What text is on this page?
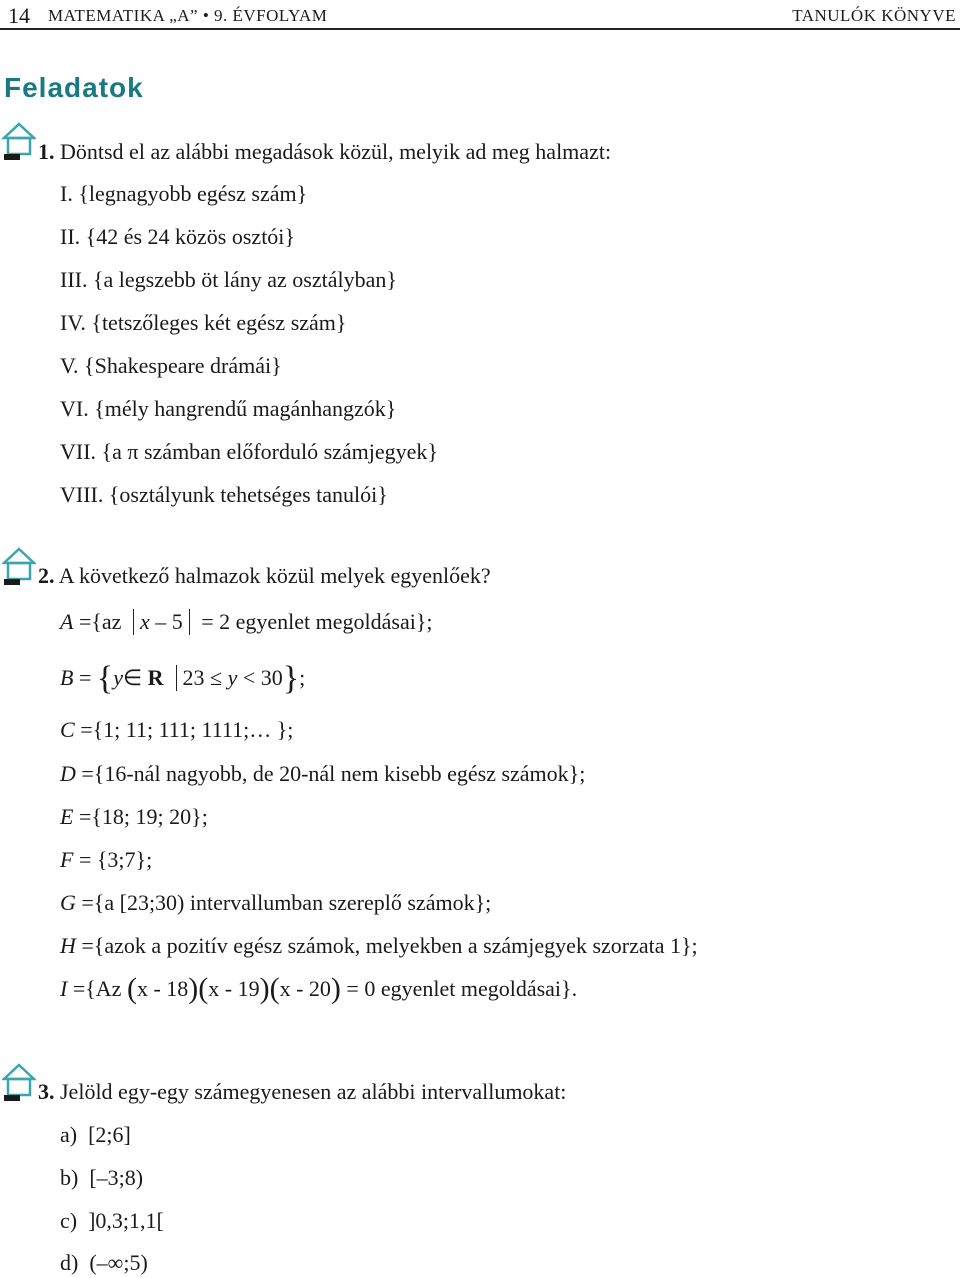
14 MATEMATIKA „A” • 9. ÉVFOLYAM	TANULÓK KÖNYVE
Feladatok
1. Döntsd el az alábbi megadások közül, melyik ad meg halmazt:
I. {legnagyobb egész szám}
II. {42 és 24 közös osztói}
III. {a legszebb öt lány az osztályban}
IV. {tetszőleges két egész szám}
V. {Shakespeare drámái}
VI. {mély hangrendű magánhangzók}
VII. {a π számban előforduló számjegyek}
VIII. {osztályunk tehetséges tanulói}
2. A következő halmazok közül melyek egyenlőek?
A ={az x – 5 = 2 egyenlet megoldásai};
B = {y∈ R 23 ≤ y < 30};
C ={1; 11; 111; 1111;… };
D ={16-nál nagyobb, de 20-nál nem kisebb egész számok};
E ={18; 19; 20};
F = {3;7};
G ={a [23;30) intervallumban szereplő számok};
H ={azok a pozitív egész számok, melyekben a számjegyek szorzata 1};
I ={Az (x - 18)(x - 19)(x - 20) = 0 egyenlet megoldásai}.
3. Jelöld egy-egy számegyenesen az alábbi intervallumokat:
a) [2;6]
b) [–3;8)
c) ]0,3;1,1[
d) (–∞;5)
